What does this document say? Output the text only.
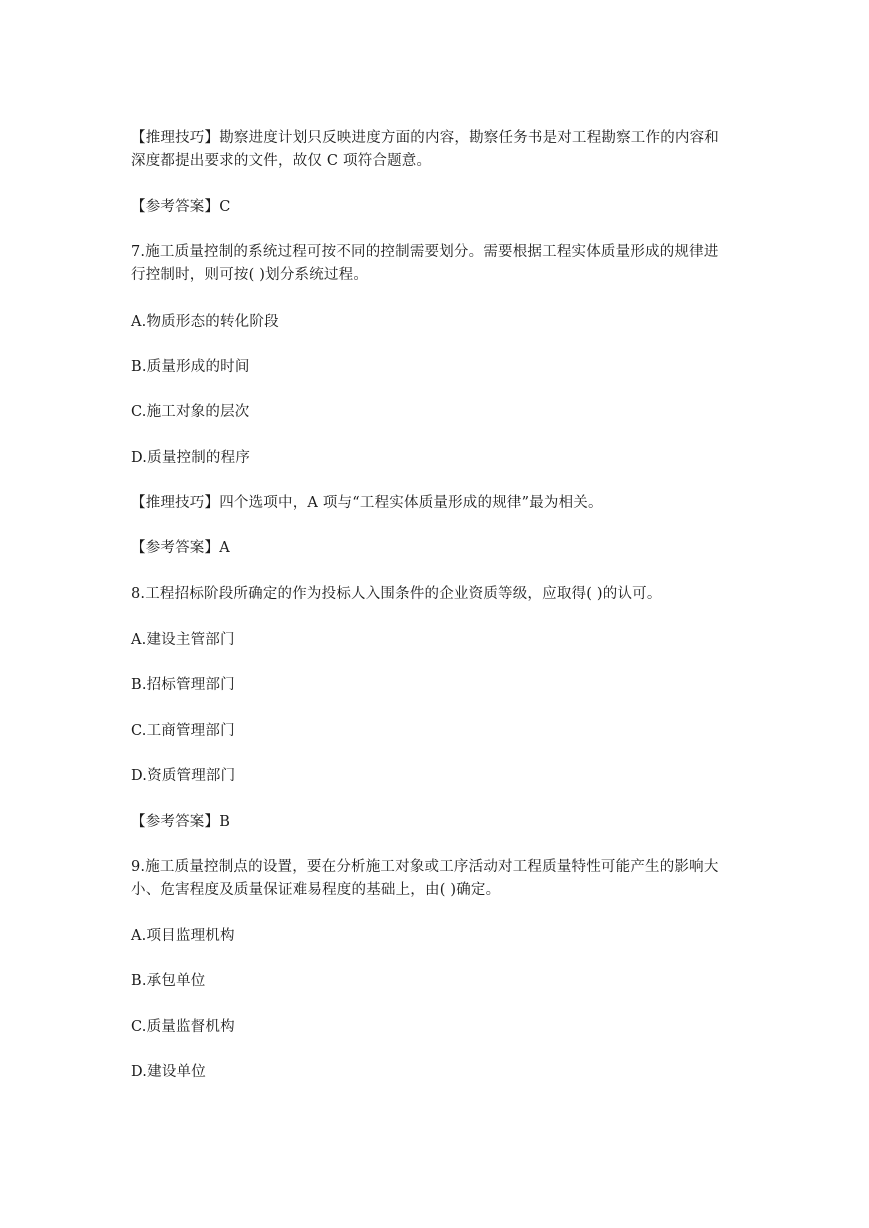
【推理技巧】勘察进度计划只反映进度方面的内容，勘察任务书是对工程勘察工作的内容和
深度都提出要求的文件，故仅 C 项符合题意。
【参考答案】C
7.施工质量控制的系统过程可按不同的控制需要划分。需要根据工程实体质量形成的规律进
行控制时，则可按( )划分系统过程。
A.物质形态的转化阶段
B.质量形成的时间
C.施工对象的层次
D.质量控制的程序
【推理技巧】四个选项中，A 项与“工程实体质量形成的规律”最为相关。
【参考答案】A
8.工程招标阶段所确定的作为投标人入围条件的企业资质等级，应取得( )的认可。
A.建设主管部门
B.招标管理部门
C.工商管理部门
D.资质管理部门
【参考答案】B
9.施工质量控制点的设置，要在分析施工对象或工序活动对工程质量特性可能产生的影响大
小、危害程度及质量保证难易程度的基础上，由( )确定。
A.项目监理机构
B.承包单位
C.质量监督机构
D.建设单位
